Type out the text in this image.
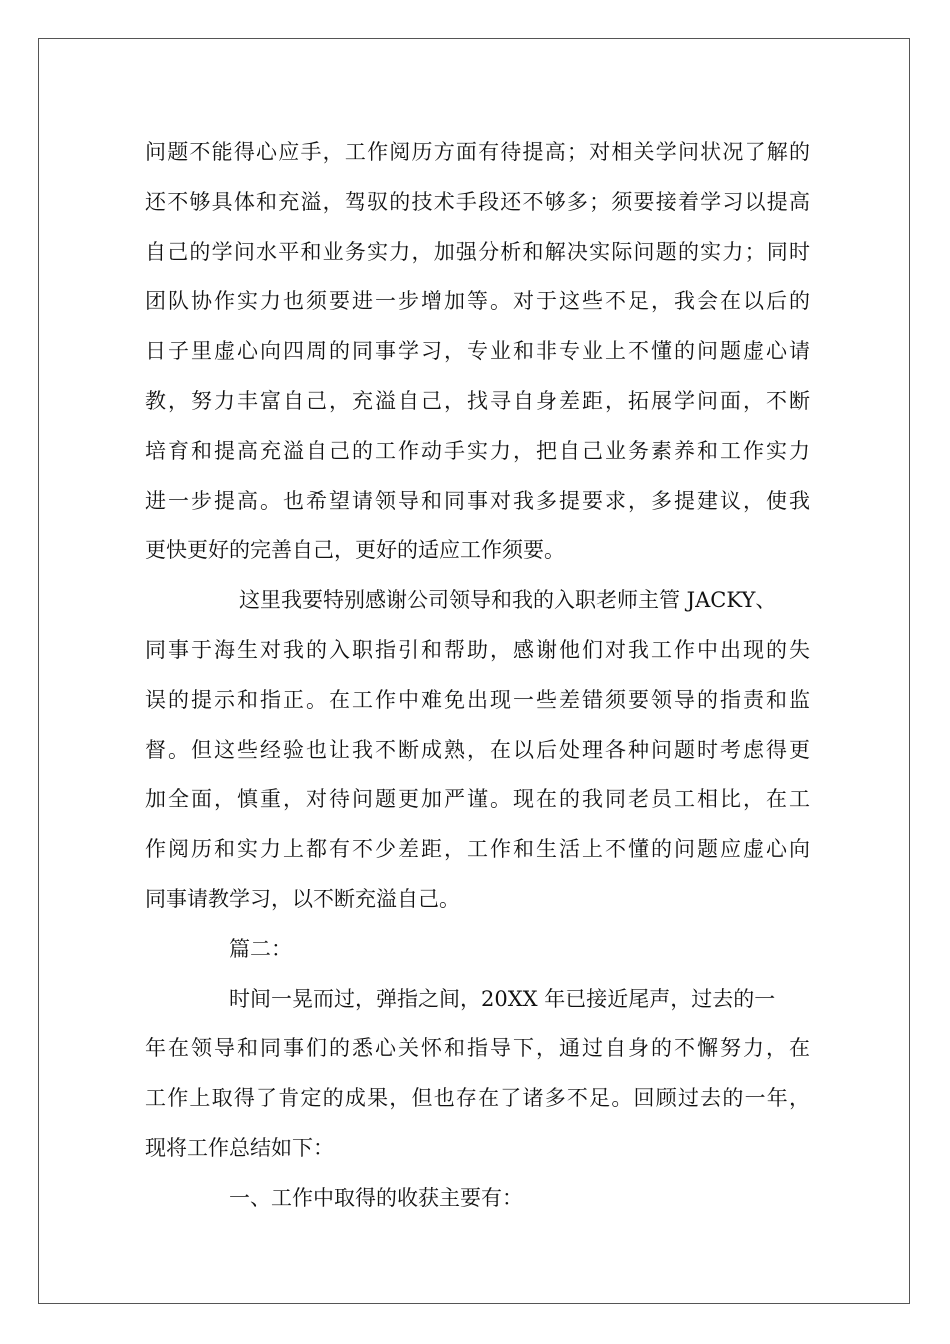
问题不能得心应手，工作阅历方面有待提高；对相关学问状况了解的
还不够具体和充溢，驾驭的技术手段还不够多；须要接着学习以提高
自己的学问水平和业务实力，加强分析和解决实际问题的实力；同时
团队协作实力也须要进一步增加等。对于这些不足，我会在以后的
日子里虚心向四周的同事学习，专业和非专业上不懂的问题虚心请
教，努力丰富自己，充溢自己，找寻自身差距，拓展学问面，不断
培育和提高充溢自己的工作动手实力，把自己业务素养和工作实力
进一步提高。也希望请领导和同事对我多提要求，多提建议，使我
更快更好的完善自己，更好的适应工作须要。
这里我要特别感谢公司领导和我的入职老师主管 JACKY、
同事于海生对我的入职指引和帮助，感谢他们对我工作中出现的失
误的提示和指正。在工作中难免出现一些差错须要领导的指责和监
督。但这些经验也让我不断成熟，在以后处理各种问题时考虑得更
加全面，慎重，对待问题更加严谨。现在的我同老员工相比，在工
作阅历和实力上都有不少差距，工作和生活上不懂的问题应虚心向
同事请教学习，以不断充溢自己。
篇二：
时间一晃而过，弹指之间，20XX 年已接近尾声，过去的一
年在领导和同事们的悉心关怀和指导下，通过自身的不懈努力，在
工作上取得了肯定的成果，但也存在了诸多不足。回顾过去的一年，
现将工作总结如下：
一、工作中取得的收获主要有：
